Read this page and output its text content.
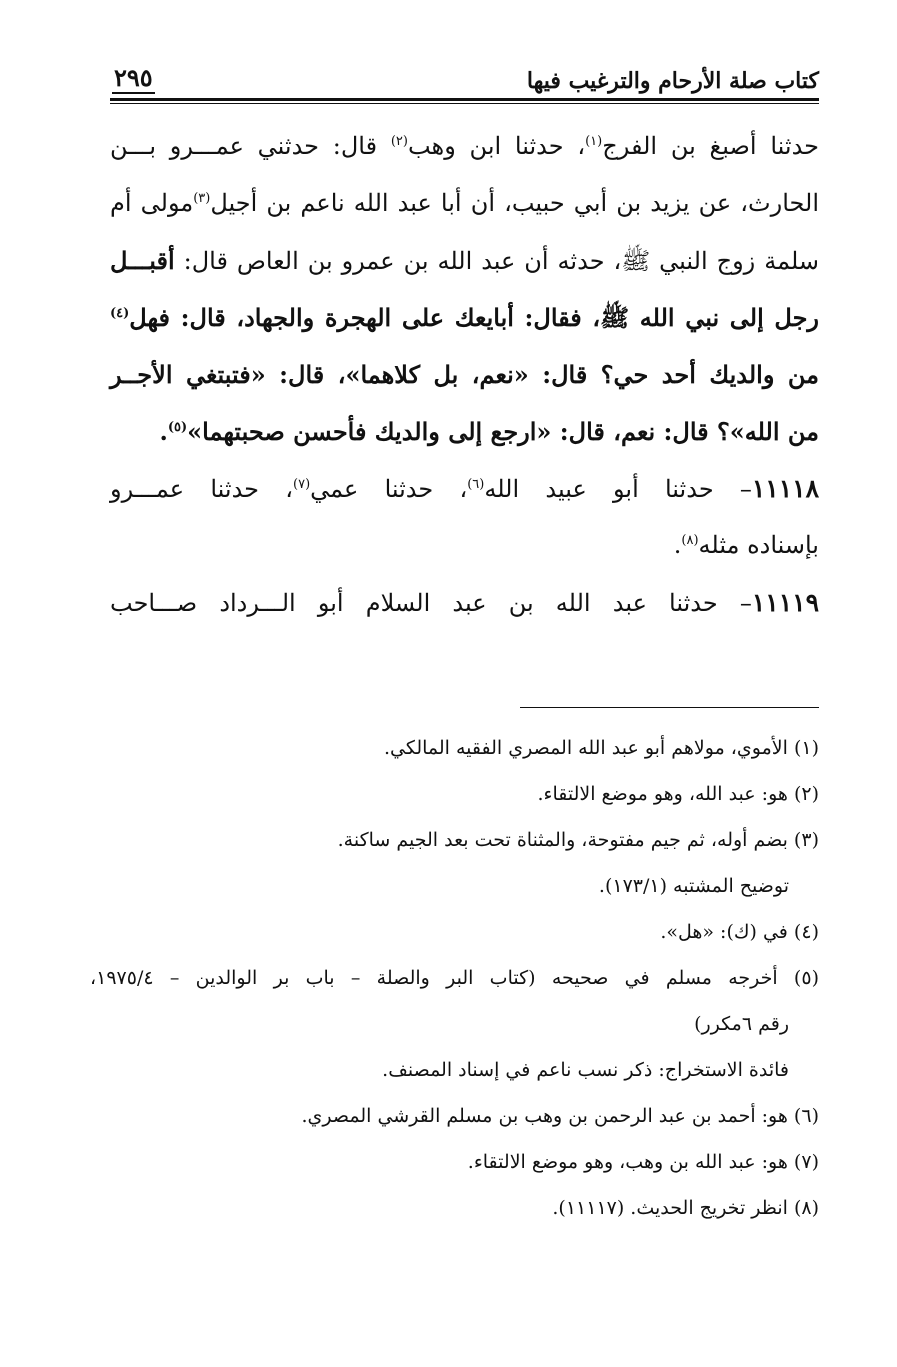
كتاب صلة الأرحام والترغيب فيها
٢٩٥
حدثنا أصبغ بن الفرج$^{(١)}$، حدثنا ابن وهب$^{(٢)}$ قال: حدثني عمـــرو بـــن
الحارث، عن يزيد بن أبي حبيب، أن أبا عبد الله ناعم بن أجيل$^{(٣)}$مولى أم
سلمة زوج النبي ﷺ، حدثه أن عبد الله بن عمرو بن العاص قال: أقبـــل
رجل إلى نبي الله ﷺ، فقال: أبايعك على الهجرة والجهاد، قال: فهل$^{(٤)}$
من والديك أحد حي؟ قال: «نعم، بل كلاهما»، قال: «فتبتغي الأجــر
من الله»؟ قال: نعم، قال: «ارجع إلى والديك فأحسن صحبتهما»$^{(٥)}$.
١١١١٨– حدثنا أبو عبيد الله$^{(٦)}$، حدثنا عمي$^{(٧)}$، حدثنا عمـــرو
بإسناده مثله$^{(٨)}$.
١١١١٩– حدثنا عبد الله بن عبد السلام أبو الـــرداد صـــاحب
(١) الأموي، مولاهم أبو عبد الله المصري الفقيه المالكي.
(٢) هو: عبد الله، وهو موضع الالتقاء.
(٣) بضم أوله، ثم جيم مفتوحة، والمثناة تحت بعد الجيم ساكنة.
توضيح المشتبه (١٧٣/١).
(٤) في (ك): «هل».
(٥) أخرجه مسلم في صحيحه (كتاب البر والصلة – باب بر الوالدين – ١٩٧٥/٤،
رقم ٦مكرر)
فائدة الاستخراج: ذكر نسب ناعم في إسناد المصنف.
(٦) هو: أحمد بن عبد الرحمن بن وهب بن مسلم القرشي المصري.
(٧) هو: عبد الله بن وهب، وهو موضع الالتقاء.
(٨) انظر تخريج الحديث. (١١١١٧).
